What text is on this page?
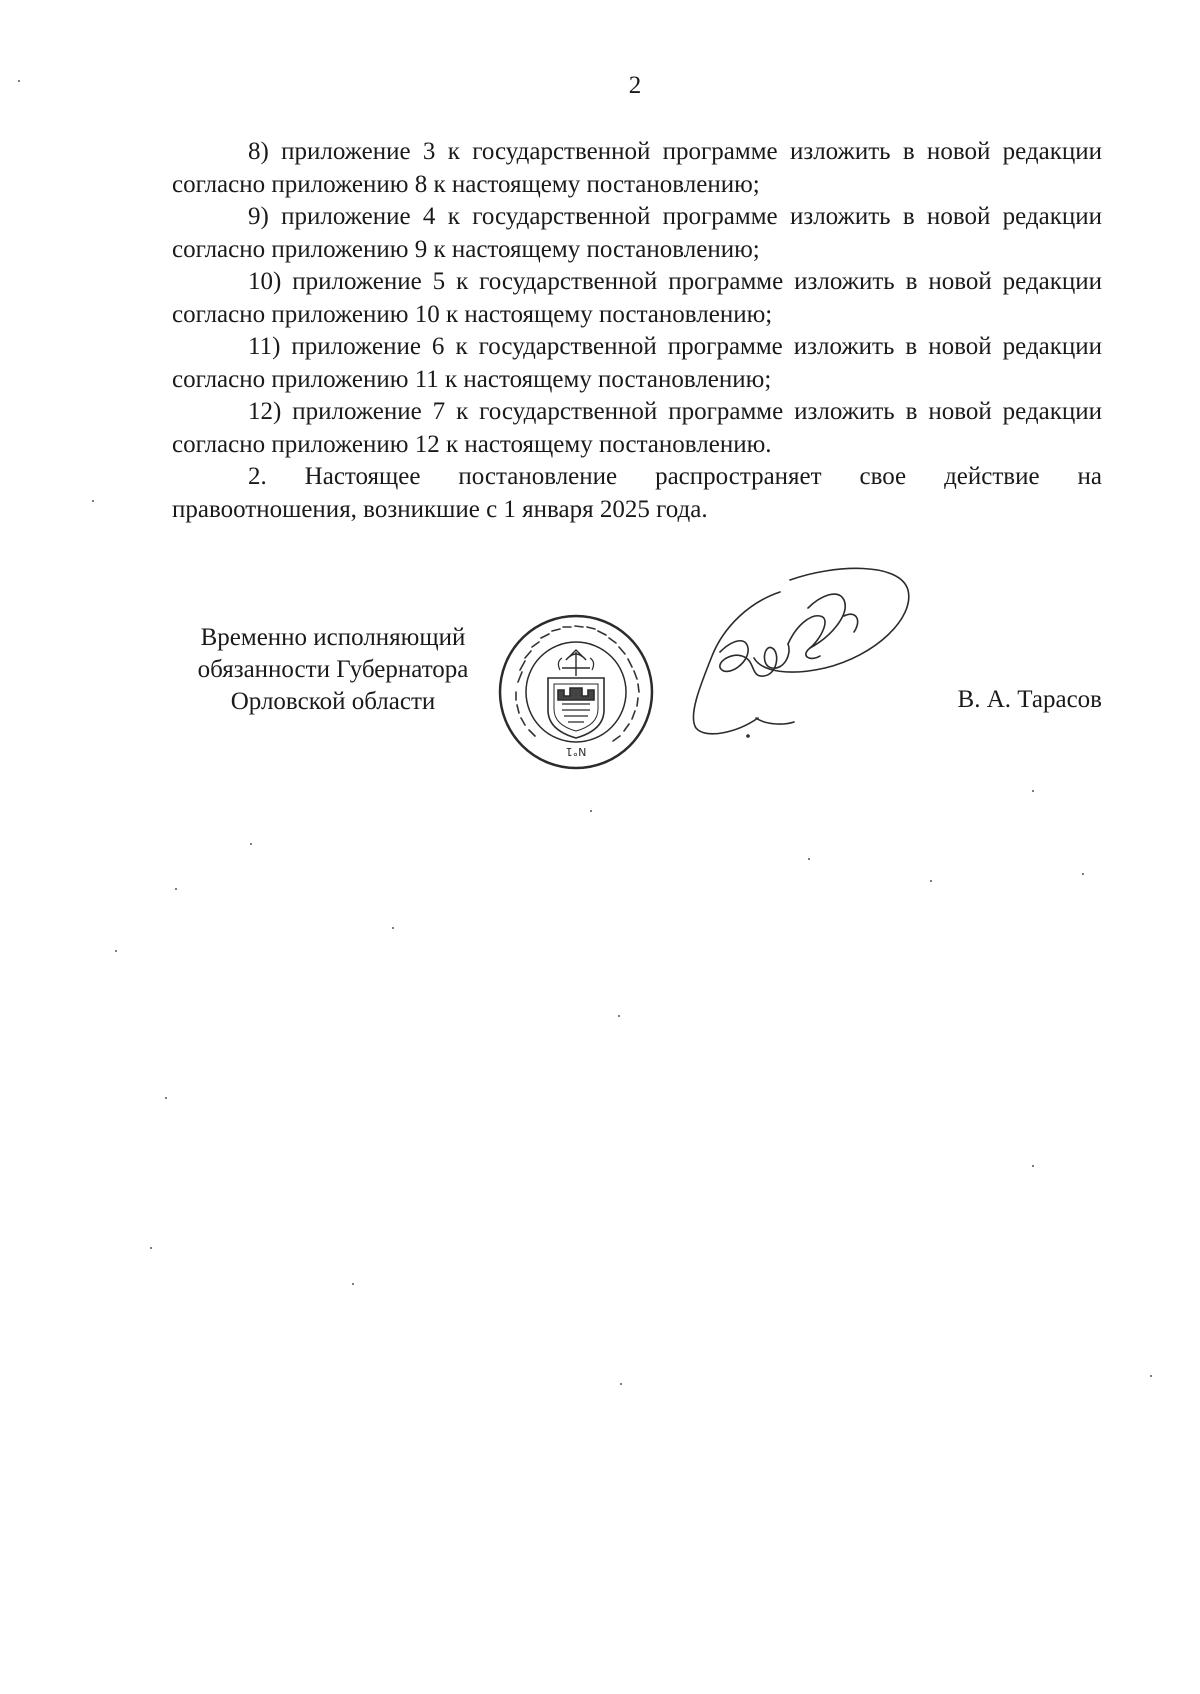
2

8) приложение 3 к государственной программе изложить в новой редакции согласно приложению 8 к настоящему постановлению;

9) приложение 4 к государственной программе изложить в новой редакции согласно приложению 9 к настоящему постановлению;

10) приложение 5 к государственной программе изложить в новой редакции согласно приложению 10 к настоящему постановлению;

11) приложение 6 к государственной программе изложить в новой редакции согласно приложению 11 к настоящему постановлению;

12) приложение 7 к государственной программе изложить в новой редакции согласно приложению 12 к настоящему постановлению.

2. Настоящее постановление распространяет свое действие на правоотношения, возникшие с 1 января 2025 года.

Временно исполняющий
обязанности Губернатора
Орловской области
N°1
В. А. Тарасов
